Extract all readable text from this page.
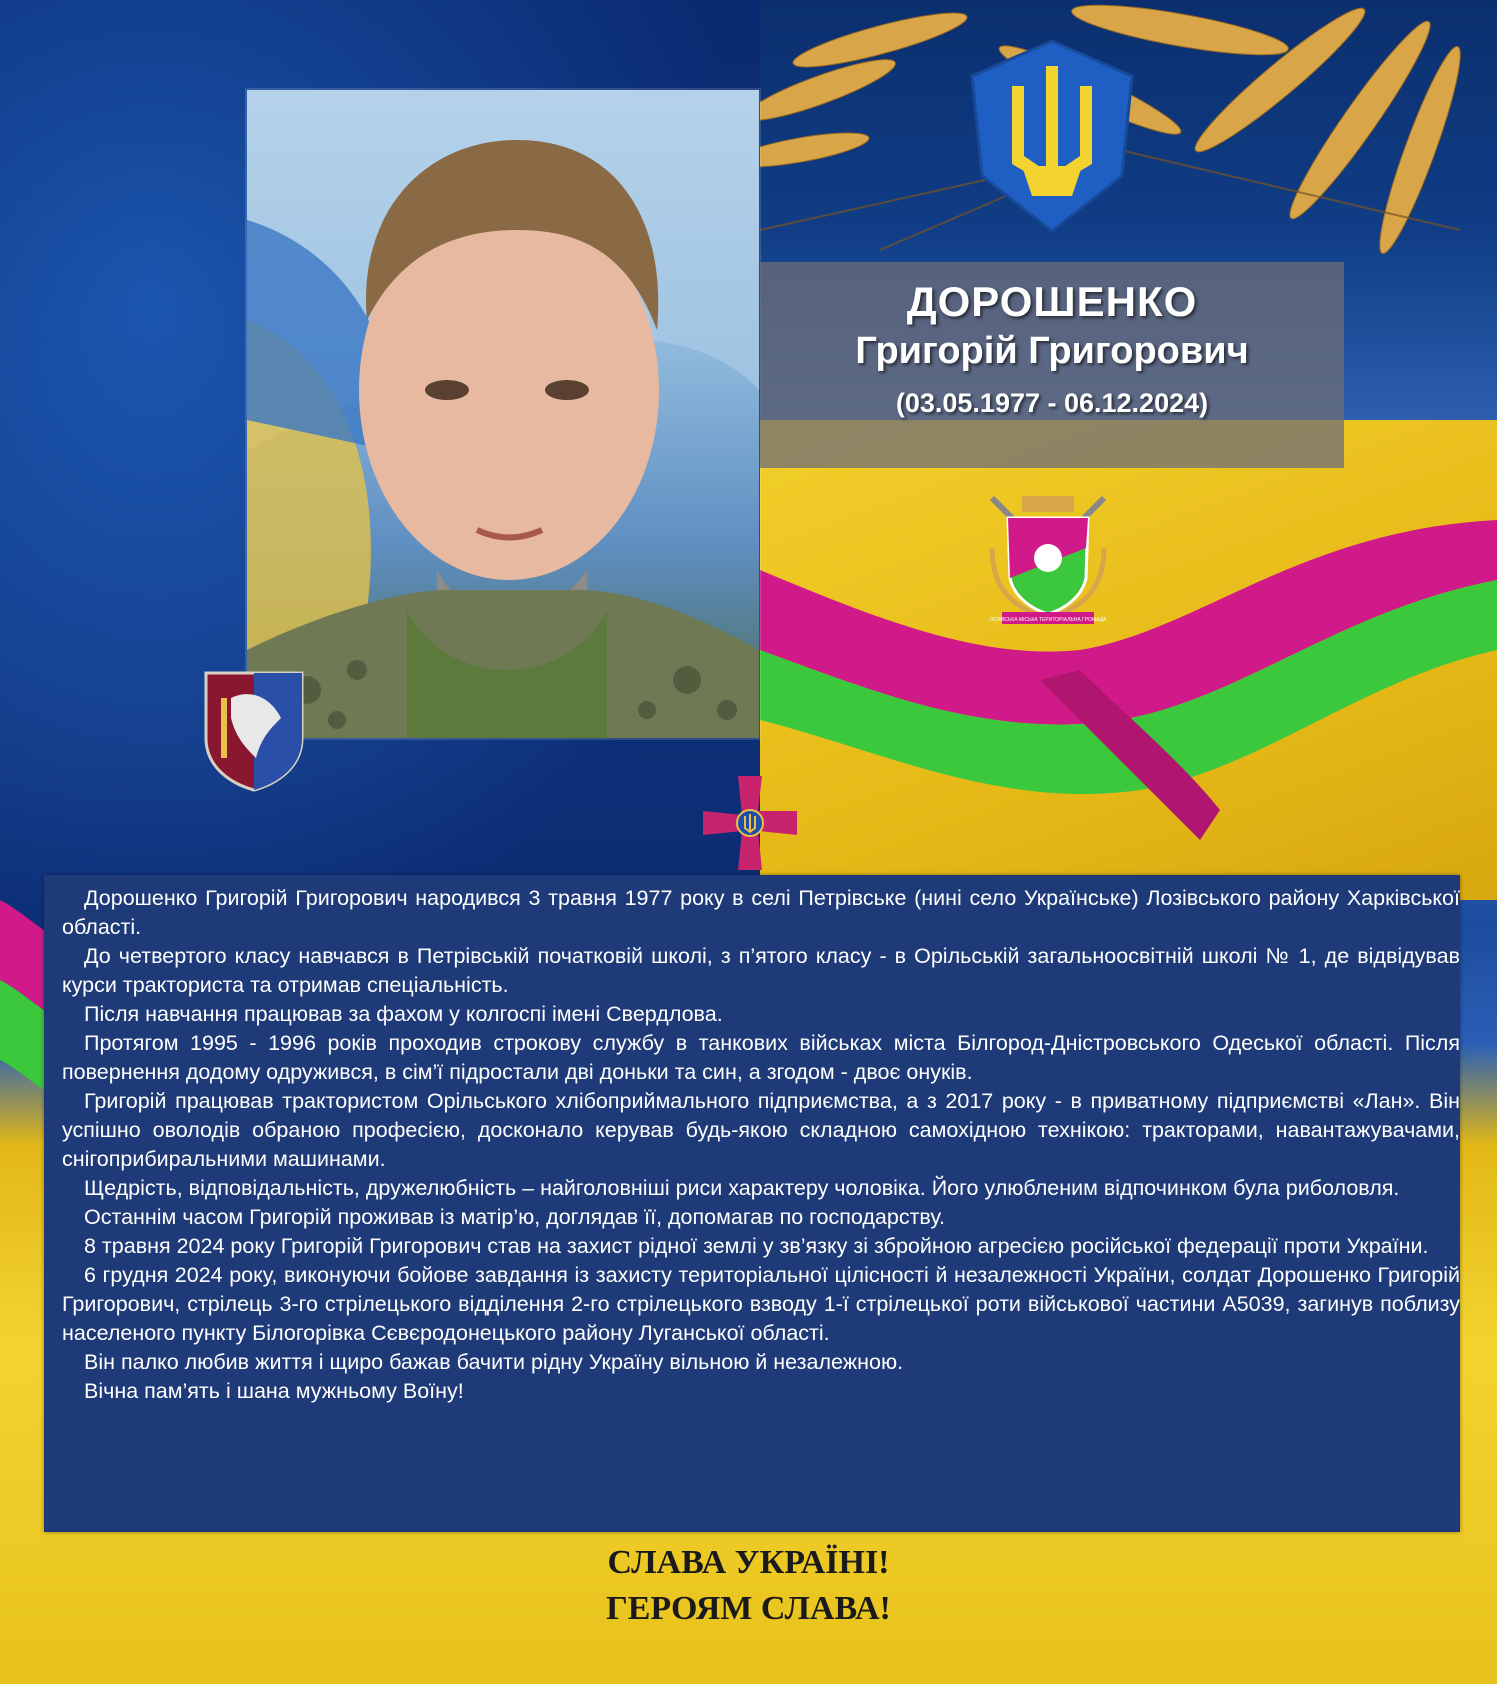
ДОРОШЕНКО
Григорій Григорович
(03.05.1977 - 06.12.2024)
ЛОЗІВСЬКА МІСЬКА ТЕРИТОРІАЛЬНА ГРОМАДА

Дорошенко Григорій Григорович народився 3 травня 1977 року в селі Петрівське (нині село Українське) Лозівського району Харківської області.

До четвертого класу навчався в Петрівській початковій школі, з п’ятого класу - в Орільській загальноосвітній школі № 1, де відвідував курси тракториста та отримав спеціальність.

Після навчання працював за фахом у колгоспі імені Свердлова.

Протягом 1995 - 1996 років проходив строкову службу в танкових військах міста Білгород-Дністровського Одеської області. Після повернення додому одружився, в сім’ї підростали дві доньки та син, а згодом - двоє онуків.

Григорій працював трактористом Орільського хлібоприймального підприємства, а з 2017 року - в приватному підприємстві «Лан». Він успішно оволодів обраною професією, досконало керував будь-якою складною самохідною технікою: тракторами, навантажувачами, снігоприбиральними машинами.

Щедрість, відповідальність, дружелюбність – найголовніші риси характеру чоловіка. Його улюбленим відпочинком була риболовля.

Останнім часом Григорій проживав із матір’ю, доглядав її, допомагав по господарству.

8 травня 2024 року Григорій Григорович став на захист рідної землі у зв’язку зі збройною агресією російської федерації проти України.

6 грудня 2024 року, виконуючи бойове завдання із захисту територіальної цілісності й незалежності України, солдат Дорошенко Григорій Григорович, стрілець 3-го стрілецького відділення 2-го стрілецького взводу 1-ї стрілецької роти військової частини А5039, загинув поблизу населеного пункту Білогорівка Сєвєродонецького району Луганської області.

Він палко любив життя і щиро бажав бачити рідну Україну вільною й незалежною.

Вічна пам’ять і шана мужньому Воїну!

СЛАВА УКРАЇНІ!
ГЕРОЯМ СЛАВА!
